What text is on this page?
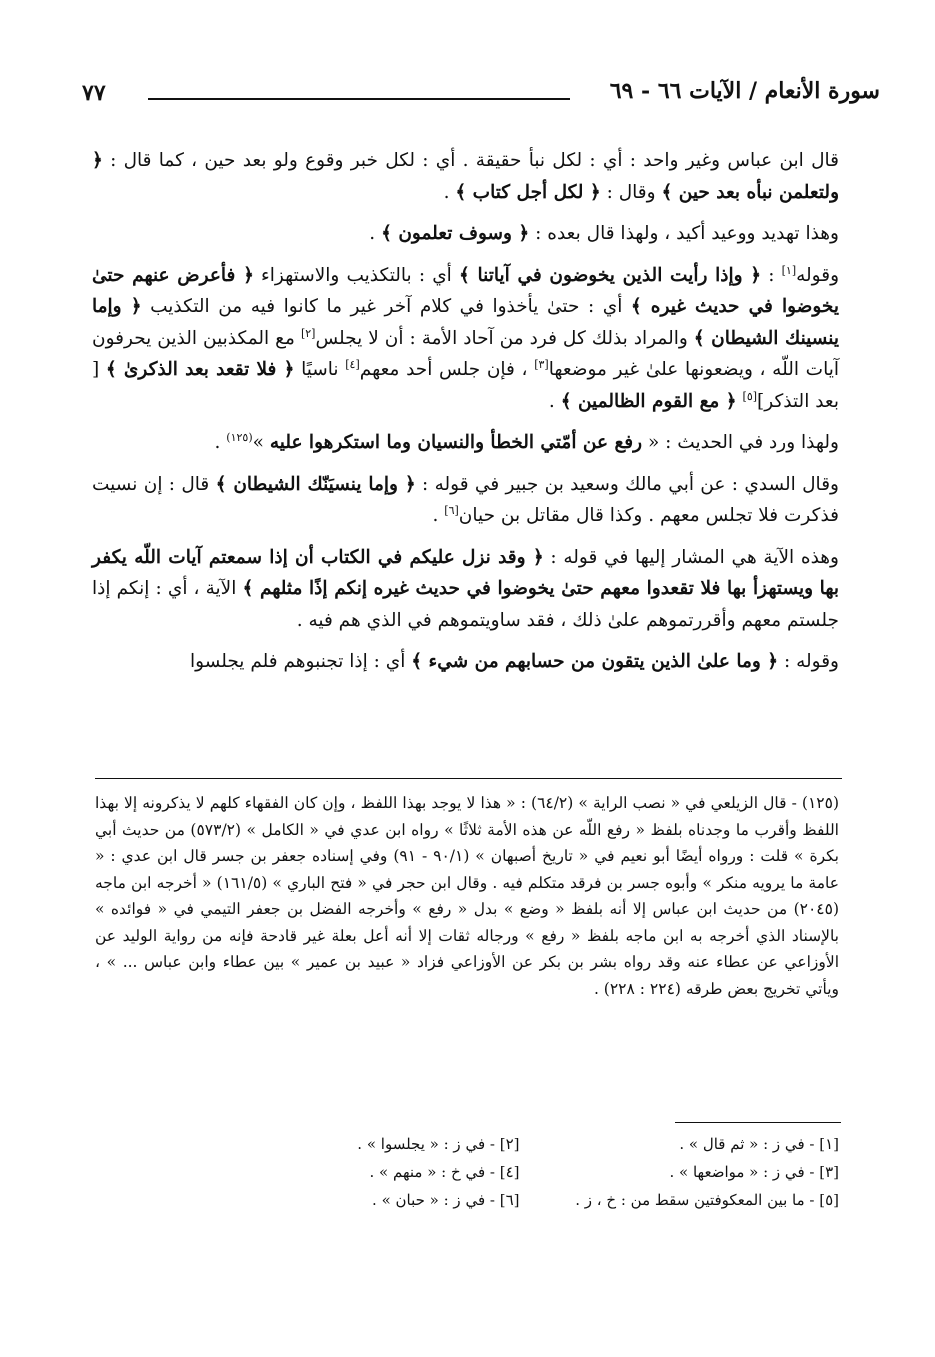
٧٧	سورة الأنعام / الآيات ٦٦ - ٦٩

قال ابن عباس وغير واحد : أي : لكل نبأ حقيقة . أي : لكل خبر وقوع ولو بعد حين ، كما قال : ﴿ ولتعلمن نبأه بعد حين ﴾ وقال : ﴿ لكل أجل كتاب ﴾ .

وهذا تهديد ووعيد أكيد ، ولهذا قال بعده : ﴿ وسوف تعلمون ﴾ .

وقوله[١] : ﴿ وإذا رأيت الذين يخوضون في آياتنا ﴾ أي : بالتكذيب والاستهزاء ﴿ فأعرض عنهم حتىٰ يخوضوا في حديث غيره ﴾ أي : حتىٰ يأخذوا في كلام آخر غير ما كانوا فيه من التكذيب ﴿ وإما ينسينك الشيطان ﴾ والمراد بذلك كل فرد من آحاد الأمة : أن لا يجلس[٢] مع المكذبين الذين يحرفون آيات اللّه ، ويضعونها علىٰ غير موضعها[٣] ، فإن جلس أحد معهم[٤] ناسيًا ﴿ فلا تقعد بعد الذكرىٰ ﴾ [ بعد التذكر][٥] ﴿ مع القوم الظالمين ﴾ .

ولهذا ورد في الحديث : « رفع عن أمّتي الخطأ والنسيان وما استكرهوا عليه »$^{(١٢٥)}$ .

وقال السدي : عن أبي مالك وسعيد بن جبير في قوله : ﴿ وإما ينسيَنّك الشيطان ﴾ قال : إن نسيت فذكرت فلا تجلس معهم . وكذا قال مقاتل بن حيان[٦] .

وهذه الآية هي المشار إليها في قوله : ﴿ وقد نزل عليكم في الكتاب أن إذا سمعتم آيات اللّه يكفر بها ويستهزأ بها فلا تقعدوا معهم حتىٰ يخوضوا في حديث غيره إنكم إذًا مثلهم ﴾ الآية ، أي : إنكم إذا جلستم معهم وأقررتموهم علىٰ ذلك ، فقد ساويتموهم في الذي هم فيه .

وقوله : ﴿ وما علىٰ الذين يتقون من حسابهم من شيء ﴾ أي : إذا تجنبوهم فلم يجلسوا

(١٢٥) - قال الزيلعي في « نصب الراية » (٦٤/٢) : « هذا لا يوجد بهذا اللفظ ، وإن كان الفقهاء كلهم لا يذكرونه إلا بهذا اللفظ وأقرب ما وجدناه بلفظ « رفع اللّه عن هذه الأمة ثلاثًا » رواه ابن عدي في « الكامل » (٥٧٣/٢) من حديث أبي بكرة » قلت : ورواه أيضًا أبو نعيم في « تاريخ أصبهان » (٩٠/١ - ٩١) وفي إسناده جعفر بن جسر قال ابن عدي : « عامة ما يرويه منكر » وأبوه جسر بن فرقد متكلم فيه . وقال ابن حجر في « فتح الباري » (١٦١/٥) « أخرجه ابن ماجه (٢٠٤٥) من حديث ابن عباس إلا أنه بلفظ « وضع » بدل « رفع » وأخرجه الفضل بن جعفر التيمي في « فوائده » بالإسناد الذي أخرجه به ابن ماجه بلفظ « رفع » ورجاله ثقات إلا أنه أعل بعلة غير قادحة فإنه من رواية الوليد عن الأوزاعي عن عطاء عنه وقد رواه بشر بن بكر عن الأوزاعي فزاد « عبيد بن عمير » بين عطاء وابن عباس ... » ، ويأتي تخريج بعض طرقه (٢٢٤ : ٢٢٨) .
[١] - في ز : « ثم قال » .
[٢] - في ز : « يجلسوا » .
[٣] - في ز : « مواضعها » .
[٤] - في خ : « منهم » .
[٥] - ما بين المعكوفتين سقط من : خ ، ز .
[٦] - في ز : « حبان » .
